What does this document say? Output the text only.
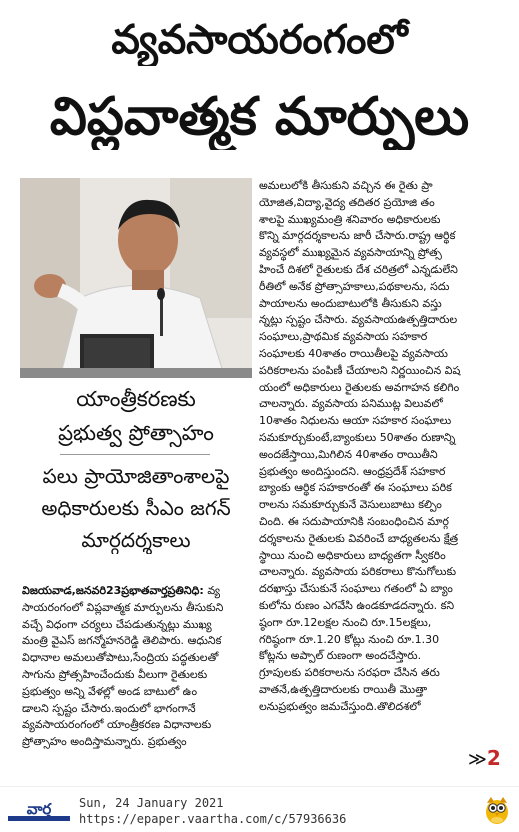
వ్యవసాయరంగంలో
విప్లవాత్మక మార్పులు
యాంత్రీకరణకు
ప్రభుత్వ ప్రోత్సాహం
పలు ప్రాయోజితాంశాలపై
అధికారులకు సీఎం జగన్
మార్గదర్శకాలు

విజయవాడ,జనవరి23ప్రభాతవార్తప్రతినిధి: వ్య

సాయరంగంలో విప్లవాత్మక మార్పులను తీసుకుని

వచ్చే విధంగా చర్యలు చేపడుతున్నట్లు ముఖ్య

మంత్రి వైఎస్ జగన్మోహనరెడ్డి తెలిపారు. ఆధునిక

విధానాల అమలుతోపాటు,సేంద్రియ పద్ధతులతో

సాగును ప్రోత్సహించేందుకు వీలుగా రైతులకు

ప్రభుత్వం అన్ని వేళల్లో అండ బాటులో ఉం

డాలని స్పష్టం చేసారు.ఇందులో భాగంగానే

వ్యవసాయరంగంలో యాంత్రీకరణ విధానాలకు

ప్రోత్సాహం అందిస్తామన్నారు. ప్రభుత్వం

అమలులోకి తీసుకుని వచ్చిన ఈ రైతు ప్రా

యోజిత,విద్యా,వైద్య తదితర ప్రయోజి తం

శాలపై ముఖ్యమంత్రి శనివారం అధికారులకు

కొన్ని మార్గదర్శకాలను జారీ చేసారు.రాష్ట్ర ఆర్థిక

వ్యవస్థలో ముఖ్యమైన వ్యవసాయాన్ని ప్రోత్స

హించే దిశలో రైతులకు దేశ చరిత్రలో ఎన్నడులేని

రీతిలో అనేక ప్రోత్సాహకాలు,పథకాలను, సదు

పాయాలను అందుబాటులోకి తీసుకుని వస్తు

న్నట్లు స్పష్టం చేసారు. వ్యవసాయఉత్పత్తిదారుల

సంఘాలు,ప్రాథమిక వ్యవసాయ సహకార

సంఘాలకు 40శాతం రాయితీలపై వ్యవసాయ

పరికరాలను పంపిణీ చేయాలని నిర్ణయించిన విష

యంలో అధికారులు రైతులకు అవగాహన కలిగిం

చాలన్నారు. వ్యవసాయ పనిముట్ల విలువలో

10శాతం నిధులను ఆయా సహకార సంఘాలు

సమకూర్చుకుంటే,బ్యాంకులు 50శాతం రుణాన్ని

అందజేస్తాయి,మిగిలిన 40శాతం రాయితీని

ప్రభుత్వం అందిస్తుందని. ఆంధ్రప్రదేశ్ సహకార

బ్యాంకు ఆర్థిక సహకారంతో ఈ సంఘాలు పరిక

రాలను సమకూర్చుకునే వెసులుబాటు కల్పిం

చింది. ఈ సదుపాయానికి సంబంధించిన మార్గ

దర్శకాలను రైతులకు వివరించే బాధ్యతలను క్షేత్ర

స్థాయి నుంచి అధికారులు బాధ్యతగా స్వీకరిం

చాలన్నారు. వ్యవసాయ పరికరాలు కొనుగోలుకు

దరఖాస్తు చేసుకునే సంఘాలు గతంలో ఏ బ్యాం

కులోను రుణం ఎగవేసి ఉండకూడదన్నారు. కని

ష్ఠంగా రూ.12లక్షల నుంచి రూ.15లక్షలు,

గరిష్ఠంగా రూ.1.20 కోట్లు నుంచి రూ.1.30

కోట్లను అప్పాల్ రుణంగా అందచేస్తారు.

గ్రూపులకు పరికరాలను సరఫరా చేసిన తరు

వాతనే,ఉత్పత్తిదారులకు రాయితీ మొత్తా

లనుప్రభుత్వం జమచేస్తుంది.తొలిదశలో

≫2
వార్త Sun, 24 January 2021
https://epaper.vaartha.com/c/57936636
